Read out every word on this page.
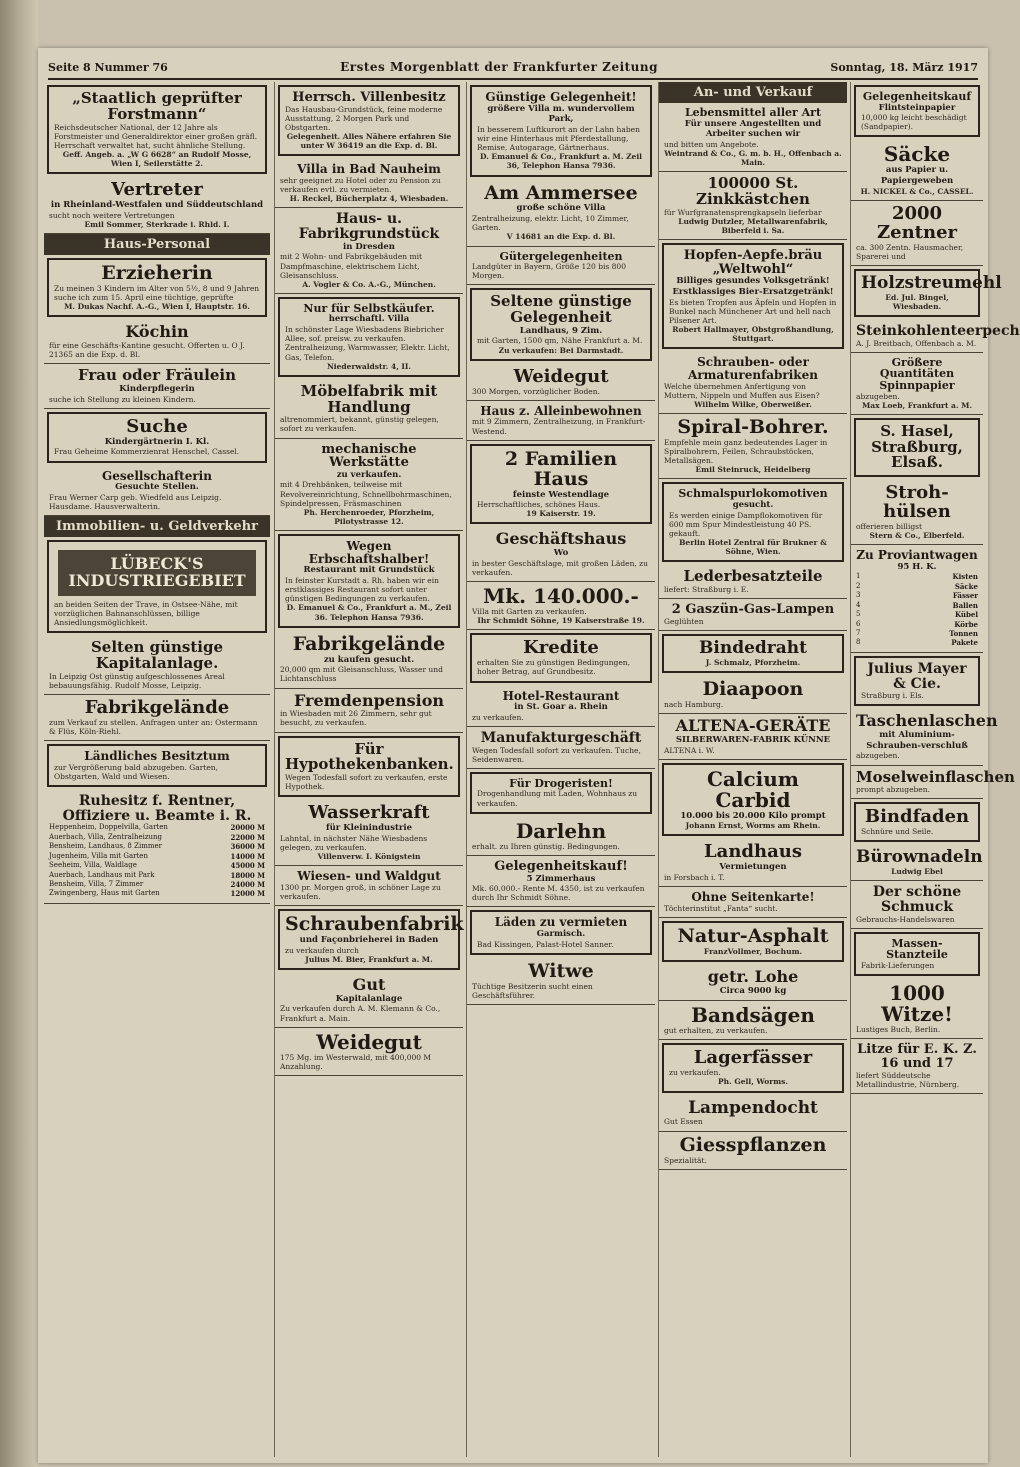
Seite 8 Nummer 76	Erstes Morgenblatt der Frankfurter Zeitung	Sonntag, 18. März 1917
„Staatlich geprüfter Forstmann“
Reichsdeutscher National, der 12 Jahre als Forstmeister und Generaldirektor einer großen gräfl. Herrschaft verwaltet hat, sucht ähnliche Stellung.
Geff. Angeb. a. „W G 6628“ an Rudolf Mosse, Wien I, Seilerstätte 2.
Vertreter
in Rheinland-Westfalen und Süddeutschland
sucht noch weitere Vertretungen
Emil Sommer, Sterkrade i. Rhld. I.
Haus-Personal
Erzieherin
Zu meinen 3 Kindern im Alter von 5½, 8 und 9 Jahren suche ich zum 15. April eine tüchtige, geprüfte
M. Dukas Nachf. A.-G., Wien I, Hauptstr. 16.
Köchin
für eine Geschäfts-Kantine gesucht. Offerten u. O J. 21365 an die Exp. d. Bl.
Frau oder Fräulein
Kinderpflegerin
suche ich Stellung zu kleinen Kindern.
Suche
Kindergärtnerin I. Kl.
Frau Geheime Kommerzienrat Henschel, Cassel.
Gesellschafterin
Gesuchte Stellen.
Frau Werner Carp geb. Wiedfeld aus Leipzig. Hausdame. Hausverwalterin.
Immobilien- u. Geldverkehr
LÜBECK'S INDUSTRIEGEBIET
an beiden Seiten der Trave, in Ostsee-Nähe, mit vorzüglichen Bahnanschlüssen, billige Ansiedlungsmöglichkeit.
Selten günstige Kapitalanlage.
In Leipzig Ost günstig aufgeschlossenes Areal bebauungsfähig. Rudolf Mosse, Leipzig.
Fabrikgelände
zum Verkauf zu stellen. Anfragen unter an: Ostermann & Flüs, Köln-Riehl.
Ländliches Besitztum
zur Vergrößerung bald abzugeben. Garten, Obstgarten, Wald und Wiesen.
Ruhesitz f. Rentner, Offiziere u. Beamte i. R.
Heppenheim, Doppelvilla, Garten	20000 M
Auerbach, Villa, Zentralheizung	22000 M
Bensheim, Landhaus, 8 Zimmer	36000 M
Jugenheim, Villa mit Garten	14000 M
Seeheim, Villa, Waldlage	45000 M
Auerbach, Landhaus mit Park	18000 M
Bensheim, Villa, 7 Zimmer	24000 M
Zwingenberg, Haus mit Garten	12000 M
Herrsch. Villenbesitz
Das Hausbau-Grundstück, feine moderne Ausstattung, 2 Morgen Park und Obstgarten.
Gelegenheit. Alles Nähere erfahren Sie unter W 36419 an die Exp. d. Bl.
Villa in Bad Nauheim
sehr geeignet zu Hotel oder zu Pension zu verkaufen evtl. zu vermieten.
H. Reckel, Bücherplatz 4, Wiesbaden.
Haus- u. Fabrikgrundstück
in Dresden
mit 2 Wohn- und Fabrikgebäuden mit Dampfmaschine, elektrischem Licht, Gleisanschluss.
A. Vogler & Co. A.-G., München.
Nur für Selbstkäufer.
herrschaftl. Villa
In schönster Lage Wiesbadens Biebricher Allee, sof. preisw. zu verkaufen. Zentralheizung, Warmwasser, Elektr. Licht, Gas, Telefon.
Niederwaldstr. 4, II.
Möbelfabrik mit Handlung
altrenommiert, bekannt, günstig gelegen, sofort zu verkaufen.
mechanische Werkstätte
zu verkaufen.
mit 4 Drehbänken, teilweise mit Revolvereinrichtung, Schnellbohrmaschinen, Spindelpressen, Fräsmaschinen
Ph. Herchenroeder, Pforzheim, Pilotystrasse 12.
Wegen Erbschaftshalber!
Restaurant mit Grundstück
In feinster Kurstadt a. Rh. haben wir ein erstklassiges Restaurant sofort unter günstigen Bedingungen zu verkaufen.
D. Emanuel & Co., Frankfurt a. M., Zeil 36. Telephon Hansa 7936.
Fabrikgelände
zu kaufen gesucht.
20,000 qm mit Gleisanschluss, Wasser und Lichtanschluss
Fremdenpension
in Wiesbaden mit 26 Zimmern, sehr gut besucht, zu verkaufen.
Für Hypothekenbanken.
Wegen Todesfall sofort zu verkaufen, erste Hypothek.
Wasserkraft
für Kleinindustrie
Lahntal, in nächster Nähe Wiesbadens gelegen, zu verkaufen.
Villenverw. I. Königstein
Wiesen- und Waldgut
1300 pr. Morgen groß, in schöner Lage zu verkaufen.
Schraubenfabrik
und Façonbrieherei in Baden
zu verkaufen durch
Julius M. Bier, Frankfurt a. M.
Gut
Kapitalanlage
Zu verkaufen durch A. M. Klemann & Co., Frankfurt a. Main.
Weidegut
175 Mg. im Westerwald, mit 400,000 M Anzahlung.
Günstige Gelegenheit!
größere Villa m. wundervollem Park,
In besserem Luftkurort an der Lahn haben wir eine Hinterhaus mit Pferdestallung, Remise, Autogarage, Gärtnerhaus.
D. Emanuel & Co., Frankfurt a. M. Zeil 36, Telephon Hansa 7936.
Am Ammersee
große schöne Villa
Zentralheizung, elektr. Licht, 10 Zimmer, Garten.
V 14681 an die Exp. d. Bl.
Gütergelegenheiten
Landgüter in Bayern, Größe 120 bis 800 Morgen.
Seltene günstige Gelegenheit
Landhaus, 9 Zim.
mit Garten, 1500 qm, Nähe Frankfurt a. M.
Zu verkaufen: Bei Darmstadt.
Weidegut
300 Morgen, vorzüglicher Boden.
Haus z. Alleinbewohnen
mit 9 Zimmern, Zentralheizung, in Frankfurt-Westend.
2 Familien Haus
feinste Westendlage
Herrschaftliches, schönes Haus.
19 Kaiserstr. 19.
Geschäftshaus
Wo
in bester Geschäftslage, mit großen Läden, zu verkaufen.
Mk. 140.000.-
Villa mit Garten zu verkaufen.
Ihr Schmidt Söhne, 19 Kaiserstraße 19.
Kredite
erhalten Sie zu günstigen Bedingungen, hoher Betrag, auf Grundbesitz.
Hotel-Restaurant
in St. Goar a. Rhein
zu verkaufen.
Manufakturgeschäft
Wegen Todesfall sofort zu verkaufen. Tuche, Seidenwaren.
Für Drogeristen!
Drogenhandlung mit Laden, Wohnhaus zu verkaufen.
Darlehn
erhalt. zu Ihren günstig. Bedingungen.
Gelegenheitskauf!
5 Zimmerhaus
Mk. 60.000.- Rente M. 4350, ist zu verkaufen durch Ihr Schmidt Söhne.
Läden zu vermieten
Garmisch.
Bad Kissingen, Palast-Hotel Sanner.
Witwe
Tüchtige Besitzerin sucht einen Geschäftsführer.
An- und Verkauf
Lebensmittel aller Art
Für unsere Angestellten und Arbeiter suchen wir
und bitten um Angebote.
Weintrand & Co., G. m. b. H., Offenbach a. Main.
100000 St. Zinkkästchen
für Wurfgranatensprengkapseln lieferbar
Ludwig Dutzler, Metallwarenfabrik, Biberfeld i. Sa.
Hopfen-Aepfe.bräu „Weltwohl“
Billiges gesundes Volksgetränk! Erstklassiges Bier-Ersatzgetränk!
Es bieten Tropfen aus Äpfeln und Hopfen in Bunkel nach Münchener Art und hell nach Pilsener Art.
Robert Hallmayer, Obstgroßhandlung, Stuttgart.
Schrauben- oder Armaturenfabriken
Welche übernehmen Anfertigung von Muttern, Nippeln und Muffen aus Eisen?
Wilhelm Wilke, Oberweißer.
Spiral-Bohrer.
Empfehle mein ganz bedeutendes Lager in Spiralbohrern, Feilen, Schraubstöcken, Metallsägen.
Emil Steinruck, Heidelberg
Schmalspurlokomotiven
gesucht.
Es werden einige Dampflokomotiven für 600 mm Spur Mindestleistung 40 PS. gekauft.
Berlin Hotel Zentral für Brukner & Söhne, Wien.
Lederbesatzteile
liefert: Straßburg i. E.
2 Gaszün-Gas-Lampen
Geglühten
Bindedraht
J. Schmalz, Pforzheim.
Diaapoon
nach Hamburg.
ALTENA-GERÄTE
SILBERWAREN-FABRIK KÜNNE
ALTENA i. W.
Calcium Carbid
10.000 bis 20.000 Kilo prompt
Johann Ernst, Worms am Rhein.
Landhaus
Vermietungen
in Forsbach i. T.
Ohne Seitenkarte!
Töchterinstitut „Fanta“ sucht.
Natur-Asphalt
FranzVollmer, Bochum.
getr. Lohe
Circa 9000 kg
Bandsägen
gut erhalten, zu verkaufen.
Lagerfässer
zu verkaufen.
Ph. Gell, Worms.
Lampendocht
Gut Essen
Giesspflanzen
Spezialität.
Gelegenheitskauf
Flintsteinpapier
10,000 kg leicht beschädigt (Sandpapier).
Säcke
aus Papier u. Papiergeweben
H. NICKEL & Co., CASSEL.
2000 Zentner
ca. 300 Zentn. Hausmacher, Sparerei und
Holzstreumehl
Ed. Jul. Bingel, Wiesbaden.
Steinkohlenteerpech
A. J. Breitbach, Offenbach a. M.
Größere Quantitäten Spinnpapier
abzugeben.
Max Loeb, Frankfurt a. M.
S. Hasel, Straßburg, Elsaß.
Stroh-hülsen
offerieren billigst
Stern & Co., Elberfeld.
Zu Proviantwagen
95 H. K.
1	Kisten
2	Säcke
3	Fässer
4	Ballen
5	Kübel
6	Körbe
7	Tonnen
8	Pakete
Julius Mayer & Cie.
Straßburg i. Els.
Taschenlaschen
mit Aluminium-Schrauben-verschluß
abzugeben.
Moselweinflaschen
prompt abzugeben.
Bindfaden
Schnüre und Seile.
Bürownadeln
Ludwig Ebel
Der schöne Schmuck
Gebrauchs-Handelswaren
Massen-Stanzteile
Fabrik-Lieferungen
1000 Witze!
Lustiges Buch, Berlin.
Litze für E. K. Z. 16 und 17
liefert Süddeutsche Metallindustrie, Nürnberg.
